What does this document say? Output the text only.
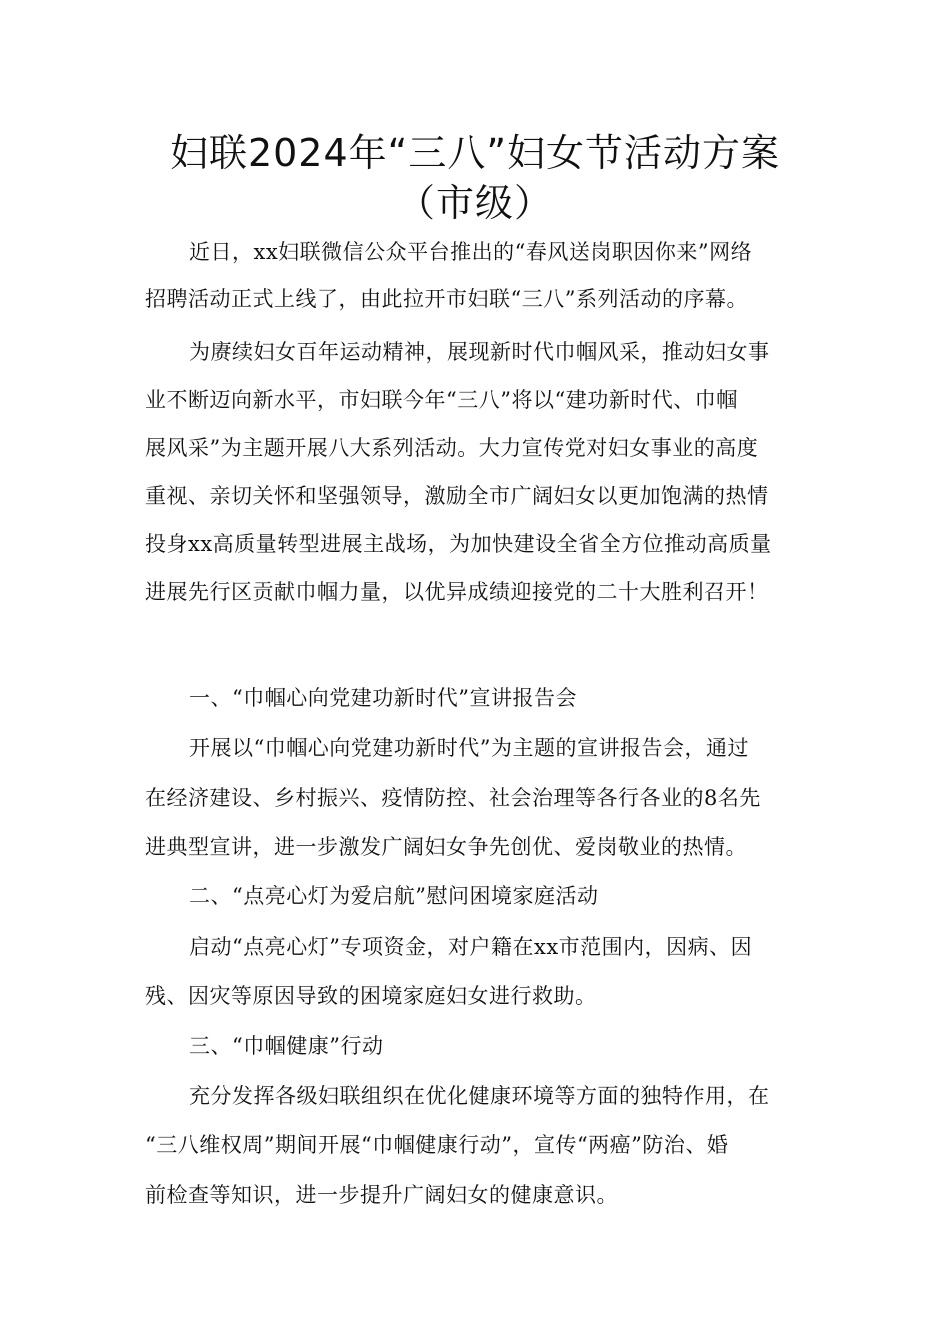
妇联2024年“三八”妇女节活动方案
（市级）
近日，xx妇联微信公众平台推出的“春风送岗职因你来”网络
招聘活动正式上线了，由此拉开市妇联“三八”系列活动的序幕。
为赓续妇女百年运动精神，展现新时代巾帼风采，推动妇女事
业不断迈向新水平，市妇联今年“三八”将以“建功新时代、巾帼
展风采”为主题开展八大系列活动。大力宣传党对妇女事业的高度
重视、亲切关怀和坚强领导，激励全市广阔妇女以更加饱满的热情
投身xx高质量转型进展主战场，为加快建设全省全方位推动高质量
进展先行区贡献巾帼力量，以优异成绩迎接党的二十大胜利召开！
一、“巾帼心向党建功新时代”宣讲报告会
开展以“巾帼心向党建功新时代”为主题的宣讲报告会，通过
在经济建设、乡村振兴、疫情防控、社会治理等各行各业的8名先
进典型宣讲，进一步激发广阔妇女争先创优、爱岗敬业的热情。
二、“点亮心灯为爱启航”慰问困境家庭活动
启动“点亮心灯”专项资金，对户籍在xx市范围内，因病、因
残、因灾等原因导致的困境家庭妇女进行救助。
三、“巾帼健康”行动
充分发挥各级妇联组织在优化健康环境等方面的独特作用，在
“三八维权周”期间开展“巾帼健康行动”，宣传“两癌”防治、婚
前检查等知识，进一步提升广阔妇女的健康意识。
